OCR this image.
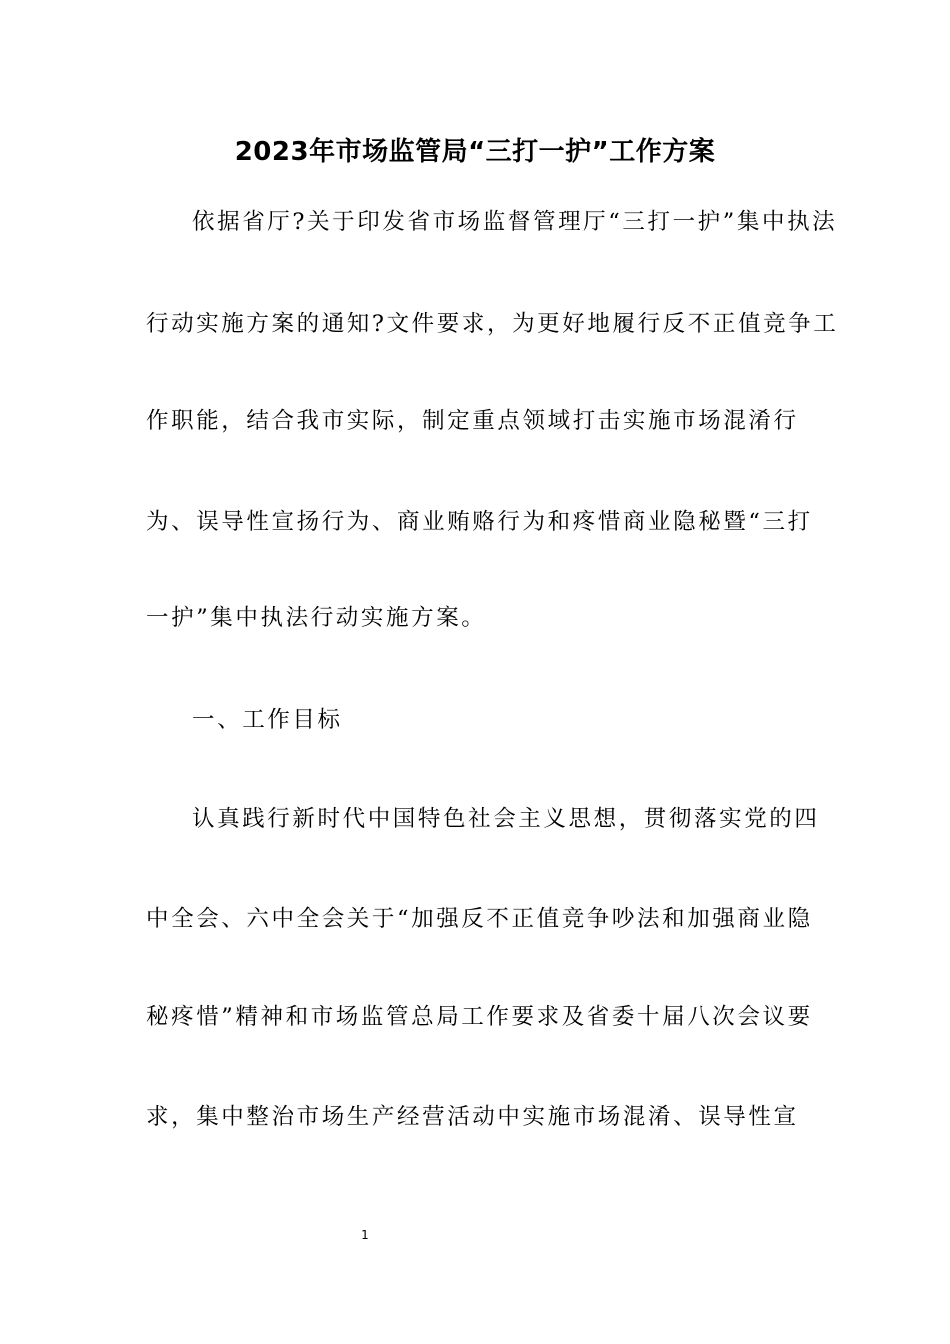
2023年市场监管局“三打一护”工作方案
依据省厅?关于印发省市场监督管理厅“三打一护”集中执法
行动实施方案的通知?文件要求，为更好地履行反不正值竞争工
作职能，结合我市实际，制定重点领域打击实施市场混淆行
为、误导性宣扬行为、商业贿赂行为和疼惜商业隐秘暨“三打
一护”集中执法行动实施方案。
一、工作目标
认真践行新时代中国特色社会主义思想，贯彻落实党的四
中全会、六中全会关于“加强反不正值竞争吵法和加强商业隐
秘疼惜”精神和市场监管总局工作要求及省委十届八次会议要
求，集中整治市场生产经营活动中实施市场混淆、误导性宣
1
